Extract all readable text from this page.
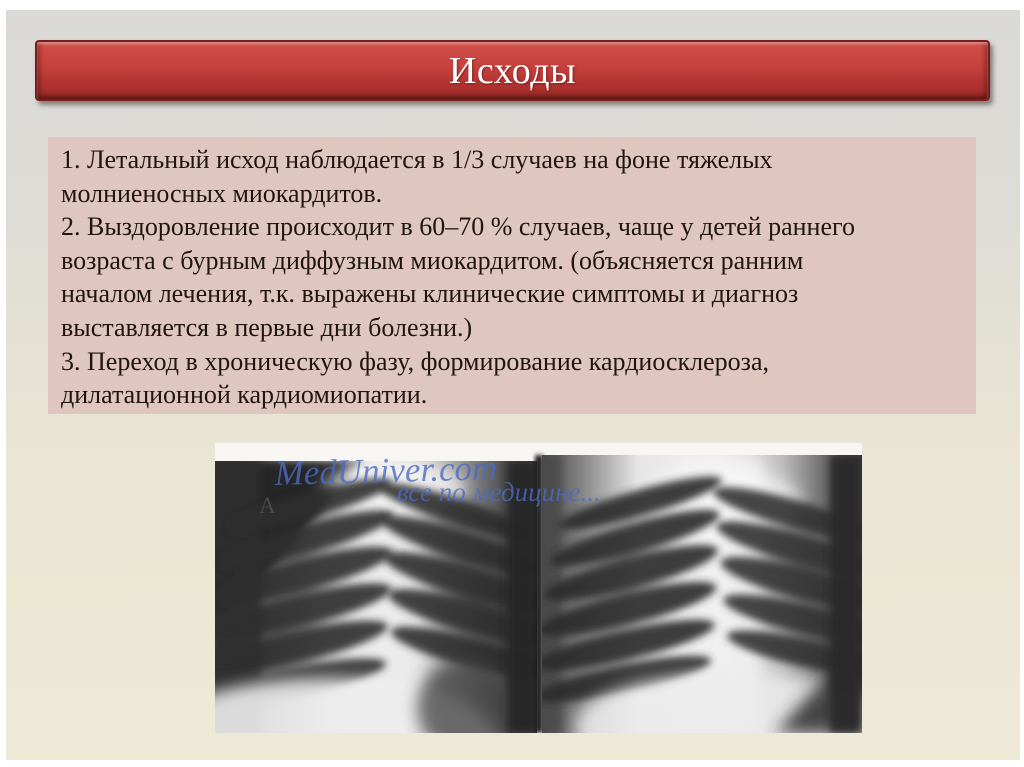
Исходы
1. Летальный исход наблюдается в 1/3 случаев на фоне тяжелых
молниеносных миокардитов.
2. Выздоровление происходит в 60–70 % случаев, чаще у детей раннего
возраста с бурным диффузным миокардитом. (объясняется ранним
началом лечения, т.к. выражены клинические симптомы и диагноз
выставляется в первые дни болезни.)
3. Переход в хроническую фазу, формирование кардиосклероза,
дилатационной кардиомиопатии.
A
MedUniver.com
все по медицине...
